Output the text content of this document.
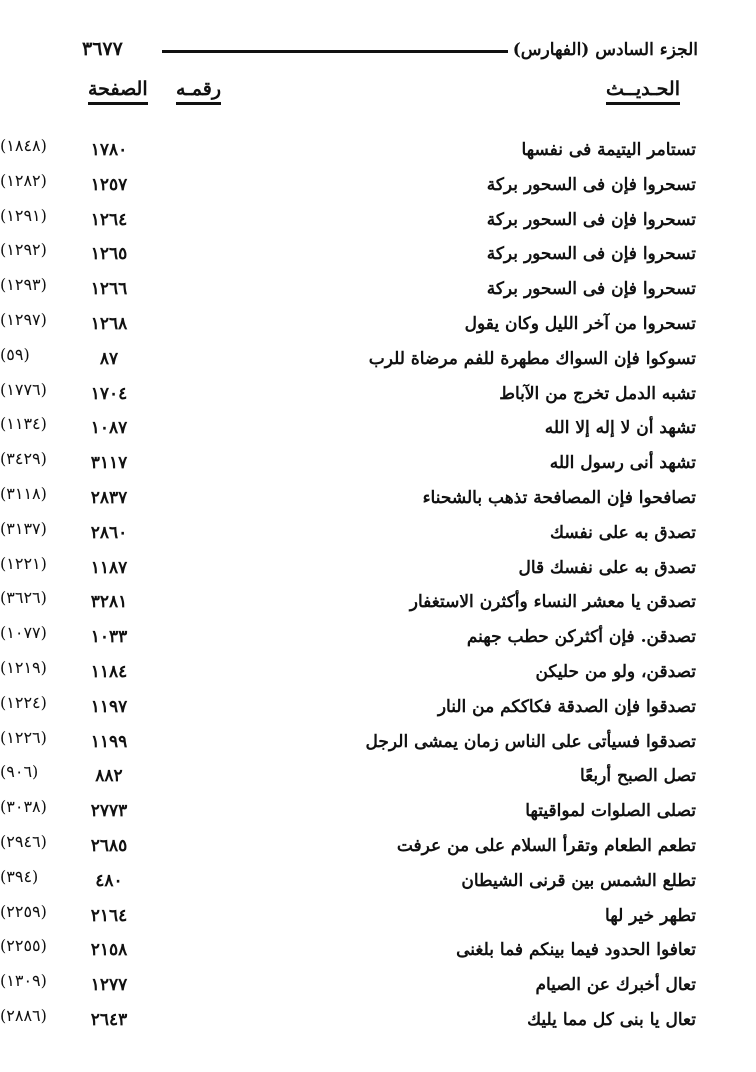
الجزء السادس (الفهارس)
٣٦٧٧
الحـديــث
رقمـه
الصفحة
تستامر اليتيمة فى نفسها
(١٨٤٨)	١٧٨٠
تسحروا فإن فى السحور بركة
(١٢٨٢)	١٢٥٧
تسحروا فإن فى السحور بركة
(١٢٩١)	١٢٦٤
تسحروا فإن فى السحور بركة
(١٢٩٢)	١٢٦٥
تسحروا فإن فى السحور بركة
(١٢٩٣)	١٢٦٦
تسحروا من آخر الليل وكان يقول
(١٢٩٧)	١٢٦٨
تسوكوا فإن السواك مطهرة للفم مرضاة للرب
(٥٩)	٨٧
تشبه الدمل تخرج من الآباط
(١٧٧٦)	١٧٠٤
تشهد أن لا إله إلا الله
(١١٣٤)	١٠٨٧
تشهد أنى رسول الله
(٣٤٢٩)	٣١١٧
تصافحوا فإن المصافحة تذهب بالشحناء
(٣١١٨)	٢٨٣٧
تصدق به على نفسك
(٣١٣٧)	٢٨٦٠
تصدق به على نفسك قال
(١٢٢١)	١١٨٧
تصدقن يا معشر النساء وأكثرن الاستغفار
(٣٦٢٦)	٣٢٨١
تصدقن. فإن أكثركن حطب جهنم
(١٠٧٧)	١٠٣٣
تصدقن، ولو من حليكن
(١٢١٩)	١١٨٤
تصدقوا فإن الصدقة فكاككم من النار
(١٢٢٤)	١١٩٧
تصدقوا فسيأتى على الناس زمان يمشى الرجل
(١٢٢٦)	١١٩٩
تصل الصبح أربعًا
(٩٠٦)	٨٨٢
تصلى الصلوات لمواقيتها
(٣٠٣٨)	٢٧٧٣
تطعم الطعام وتقرأ السلام على من عرفت
(٢٩٤٦)	٢٦٨٥
تطلع الشمس بين قرنى الشيطان
(٣٩٤)	٤٨٠
تطهر خير لها
(٢٢٥٩)	٢١٦٤
تعافوا الحدود فيما بينكم فما بلغنى
(٢٢٥٥)	٢١٥٨
تعال أخبرك عن الصيام
(١٣٠٩)	١٢٧٧
تعال يا بنى كل مما يليك
(٢٨٨٦)	٢٦٤٣
